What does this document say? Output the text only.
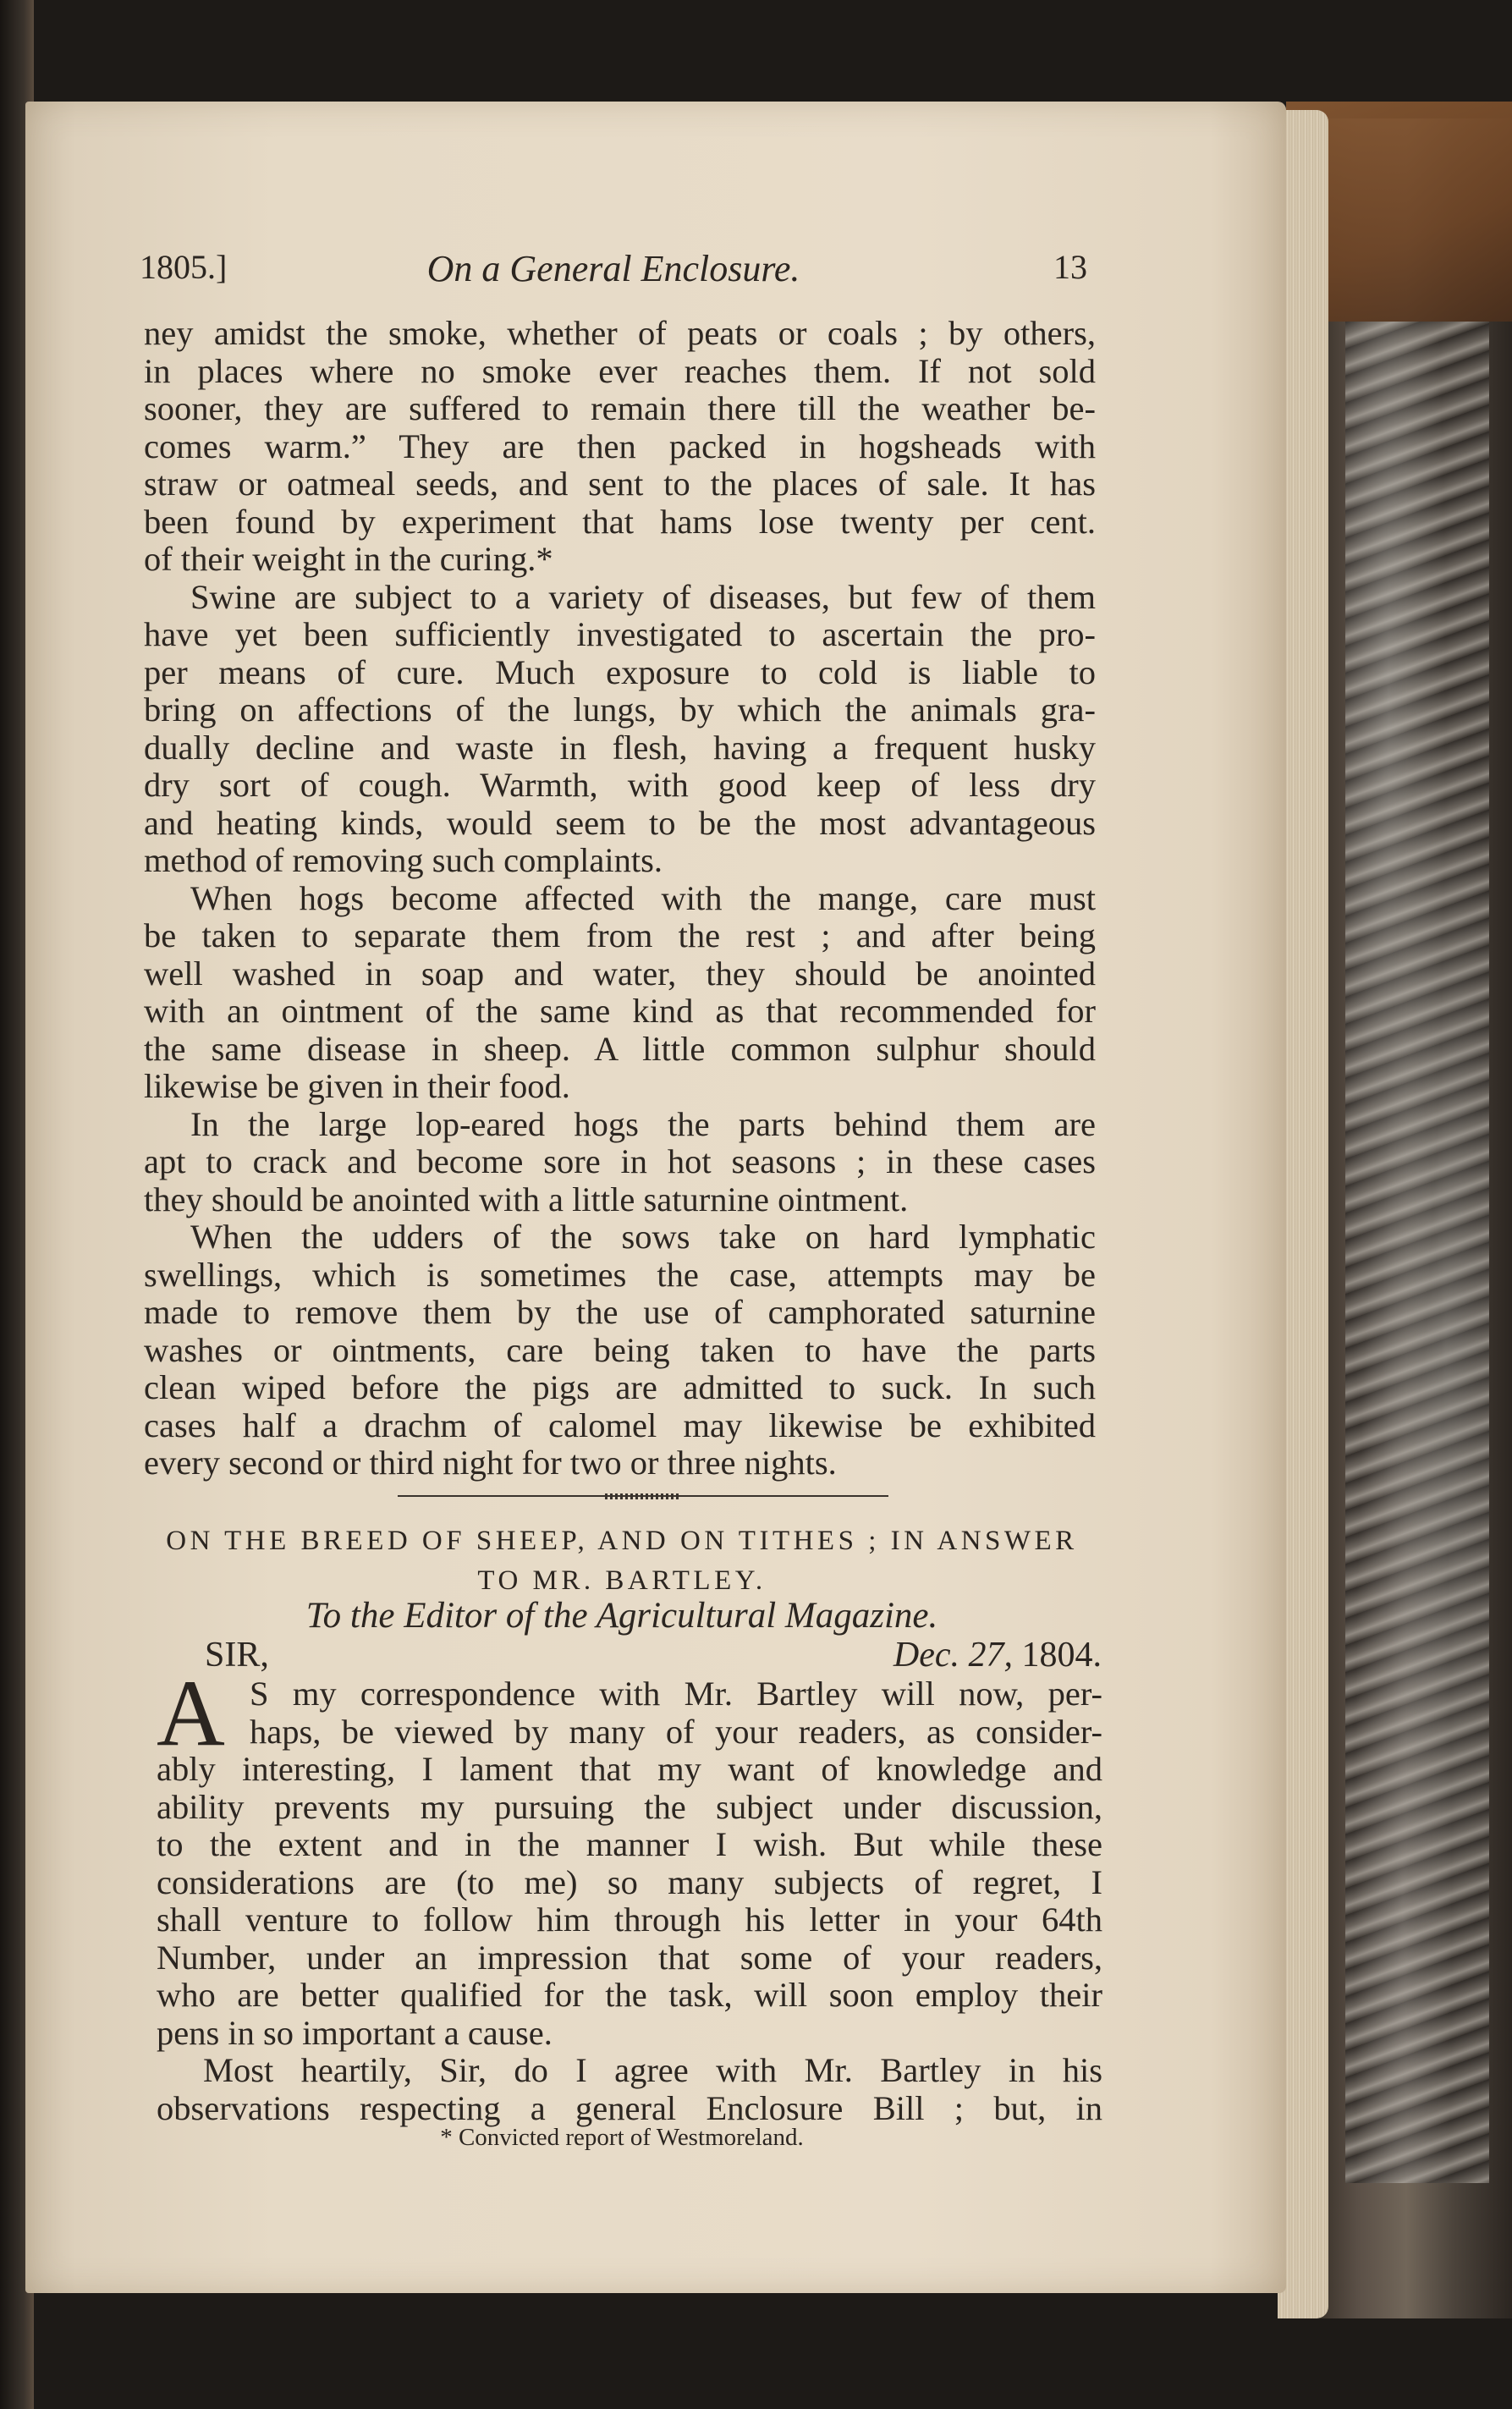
1805.]	On a General Enclosure.	13
ney amidst the smoke, whether of peats or coals ; by others,
in places where no smoke ever reaches them. If not sold
sooner, they are suffered to remain there till the weather be-
comes warm.” They are then packed in hogsheads with
straw or oatmeal seeds, and sent to the places of sale. It has
been found by experiment that hams lose twenty per cent.
of their weight in the curing.*
Swine are subject to a variety of diseases, but few of them
have yet been sufficiently investigated to ascertain the pro-
per means of cure. Much exposure to cold is liable to
bring on affections of the lungs, by which the animals gra-
dually decline and waste in flesh, having a frequent husky
dry sort of cough. Warmth, with good keep of less dry
and heating kinds, would seem to be the most advantageous
method of removing such complaints.
When hogs become affected with the mange, care must
be taken to separate them from the rest ; and after being
well washed in soap and water, they should be anointed
with an ointment of the same kind as that recommended for
the same disease in sheep. A little common sulphur should
likewise be given in their food.
In the large lop-eared hogs the parts behind them are
apt to crack and become sore in hot seasons ; in these cases
they should be anointed with a little saturnine ointment.
When the udders of the sows take on hard lymphatic
swellings, which is sometimes the case, attempts may be
made to remove them by the use of camphorated saturnine
washes or ointments, care being taken to have the parts
clean wiped before the pigs are admitted to suck. In such
cases half a drachm of calomel may likewise be exhibited
every second or third night for two or three nights.
ON THE BREED OF SHEEP, AND ON TITHES ; IN ANSWER
TO MR. BARTLEY.
To the Editor of the Agricultural Magazine.
SIR,	Dec. 27, 1804.
A S my correspondence with Mr. Bartley will now, per-
haps, be viewed by many of your readers, as consider-
ably interesting, I lament that my want of knowledge and
ability prevents my pursuing the subject under discussion,
to the extent and in the manner I wish. But while these
considerations are (to me) so many subjects of regret, I
shall venture to follow him through his letter in your 64th
Number, under an impression that some of your readers,
who are better qualified for the task, will soon employ their
pens in so important a cause.
Most heartily, Sir, do I agree with Mr. Bartley in his
observations respecting a general Enclosure Bill ; but, in
* Convicted report of Westmoreland.
